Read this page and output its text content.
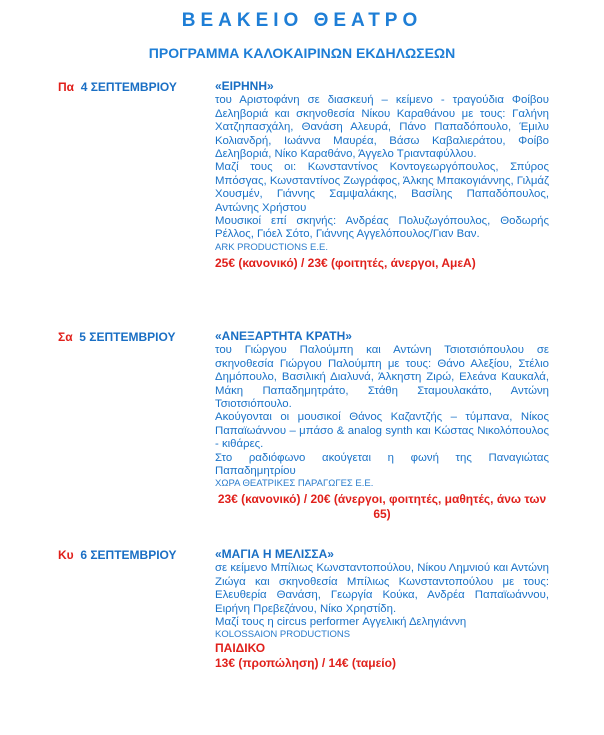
ΒΕΑΚΕΙΟ ΘΕΑΤΡΟ
ΠΡΟΓΡΑΜΜΑ ΚΑΛΟΚΑΙΡΙΝΩΝ ΕΚΔΗΛΩΣΕΩΝ
Πα 4 ΣΕΠΤΕΜΒΡΙΟΥ	«ΕΙΡΗΝΗ»
του Αριστοφάνη σε διασκευή – κείμενο - τραγούδια Φοίβου Δεληβοριά και σκηνοθεσία Νίκου Καραθάνου με τους: Γαλήνη Χατζηπασχάλη, Θανάση Αλευρά, Πάνο Παπαδόπουλο, Έμιλυ Κολιανδρή, Ιωάννα Μαυρέα, Βάσω Καβαλιεράτου, Φοίβο Δεληβοριά, Νίκο Καραθάνο, Άγγελο Τριανταφύλλου.
Μαζί τους οι: Κωνσταντίνος Κοντογεωργόπουλος, Σπύρος Μπόσγας, Κωνσταντίνος Ζωγράφος, Άλκης Μπακογιάννης, Γιλμάζ Χουσμέν, Γιάννης Σαμψαλάκης, Βασίλης Παπαδόπουλος, Αντώνης Χρήστου
Μουσικοί επί σκηνής: Ανδρέας Πολυζωγόπουλος, Θοδωρής Ρέλλος, Γιόελ Σότο, Γιάννης Αγγελόπουλος/Γιαν Βαν.
ARK PRODUCTIONS Ε.Ε.
25€ (κανονικό) / 23€ (φοιτητές, άνεργοι, ΑμεΑ)
Σα 5 ΣΕΠΤΕΜΒΡΙΟΥ	«ΑΝΕΞΑΡΤΗΤΑ ΚΡΑΤΗ»
του Γιώργου Παλούμπη και Αντώνη Τσιοτσιόπουλου σε σκηνοθεσία Γιώργου Παλούμπη με τους: Θάνο Αλεξίου, Στέλιο Δημόπουλο, Βασιλική Διαλυνά, Άλκηστη Ζιρώ, Ελεάνα Καυκαλά, Μάκη Παπαδημητράτο, Στάθη Σταμουλακάτο, Αντώνη Τσιοτσιόπουλο.
Ακούγονται οι μουσικοί Θάνος Καζαντζής – τύμπανα, Νίκος Παπαϊωάννου – μπάσο & analog synth και Κώστας Νικολόπουλος - κιθάρες.
Στο ραδιόφωνο ακούγεται η φωνή της Παναγιώτας Παπαδημητρίου
ΧΩΡΑ ΘΕΑΤΡΙΚΕΣ ΠΑΡΑΓΩΓΕΣ Ε.Ε.
23€ (κανονικό) / 20€ (άνεργοι, φοιτητές, μαθητές, άνω των 65)
Κυ 6 ΣΕΠΤΕΜΒΡΙΟΥ	«ΜΑΓΙΑ Η ΜΕΛΙΣΣΑ»
σε κείμενο Μπίλιως Κωνσταντοπούλου, Νίκου Λημνιού και Αντώνη Ζιώγα και σκηνοθεσία Μπίλιως Κωνσταντοπούλου με τους: Ελευθερία Θανάση, Γεωργία Κούκα, Ανδρέα Παπαϊωάννου, Ειρήνη Πρεβεζάνου, Νίκο Χρηστίδη.
Μαζί τους η circus performer Αγγελική Δεληγιάννη
KOLOSSAION PRODUCTIONS
ΠΑΙΔΙΚΟ
13€ (προπώληση) / 14€ (ταμείο)
